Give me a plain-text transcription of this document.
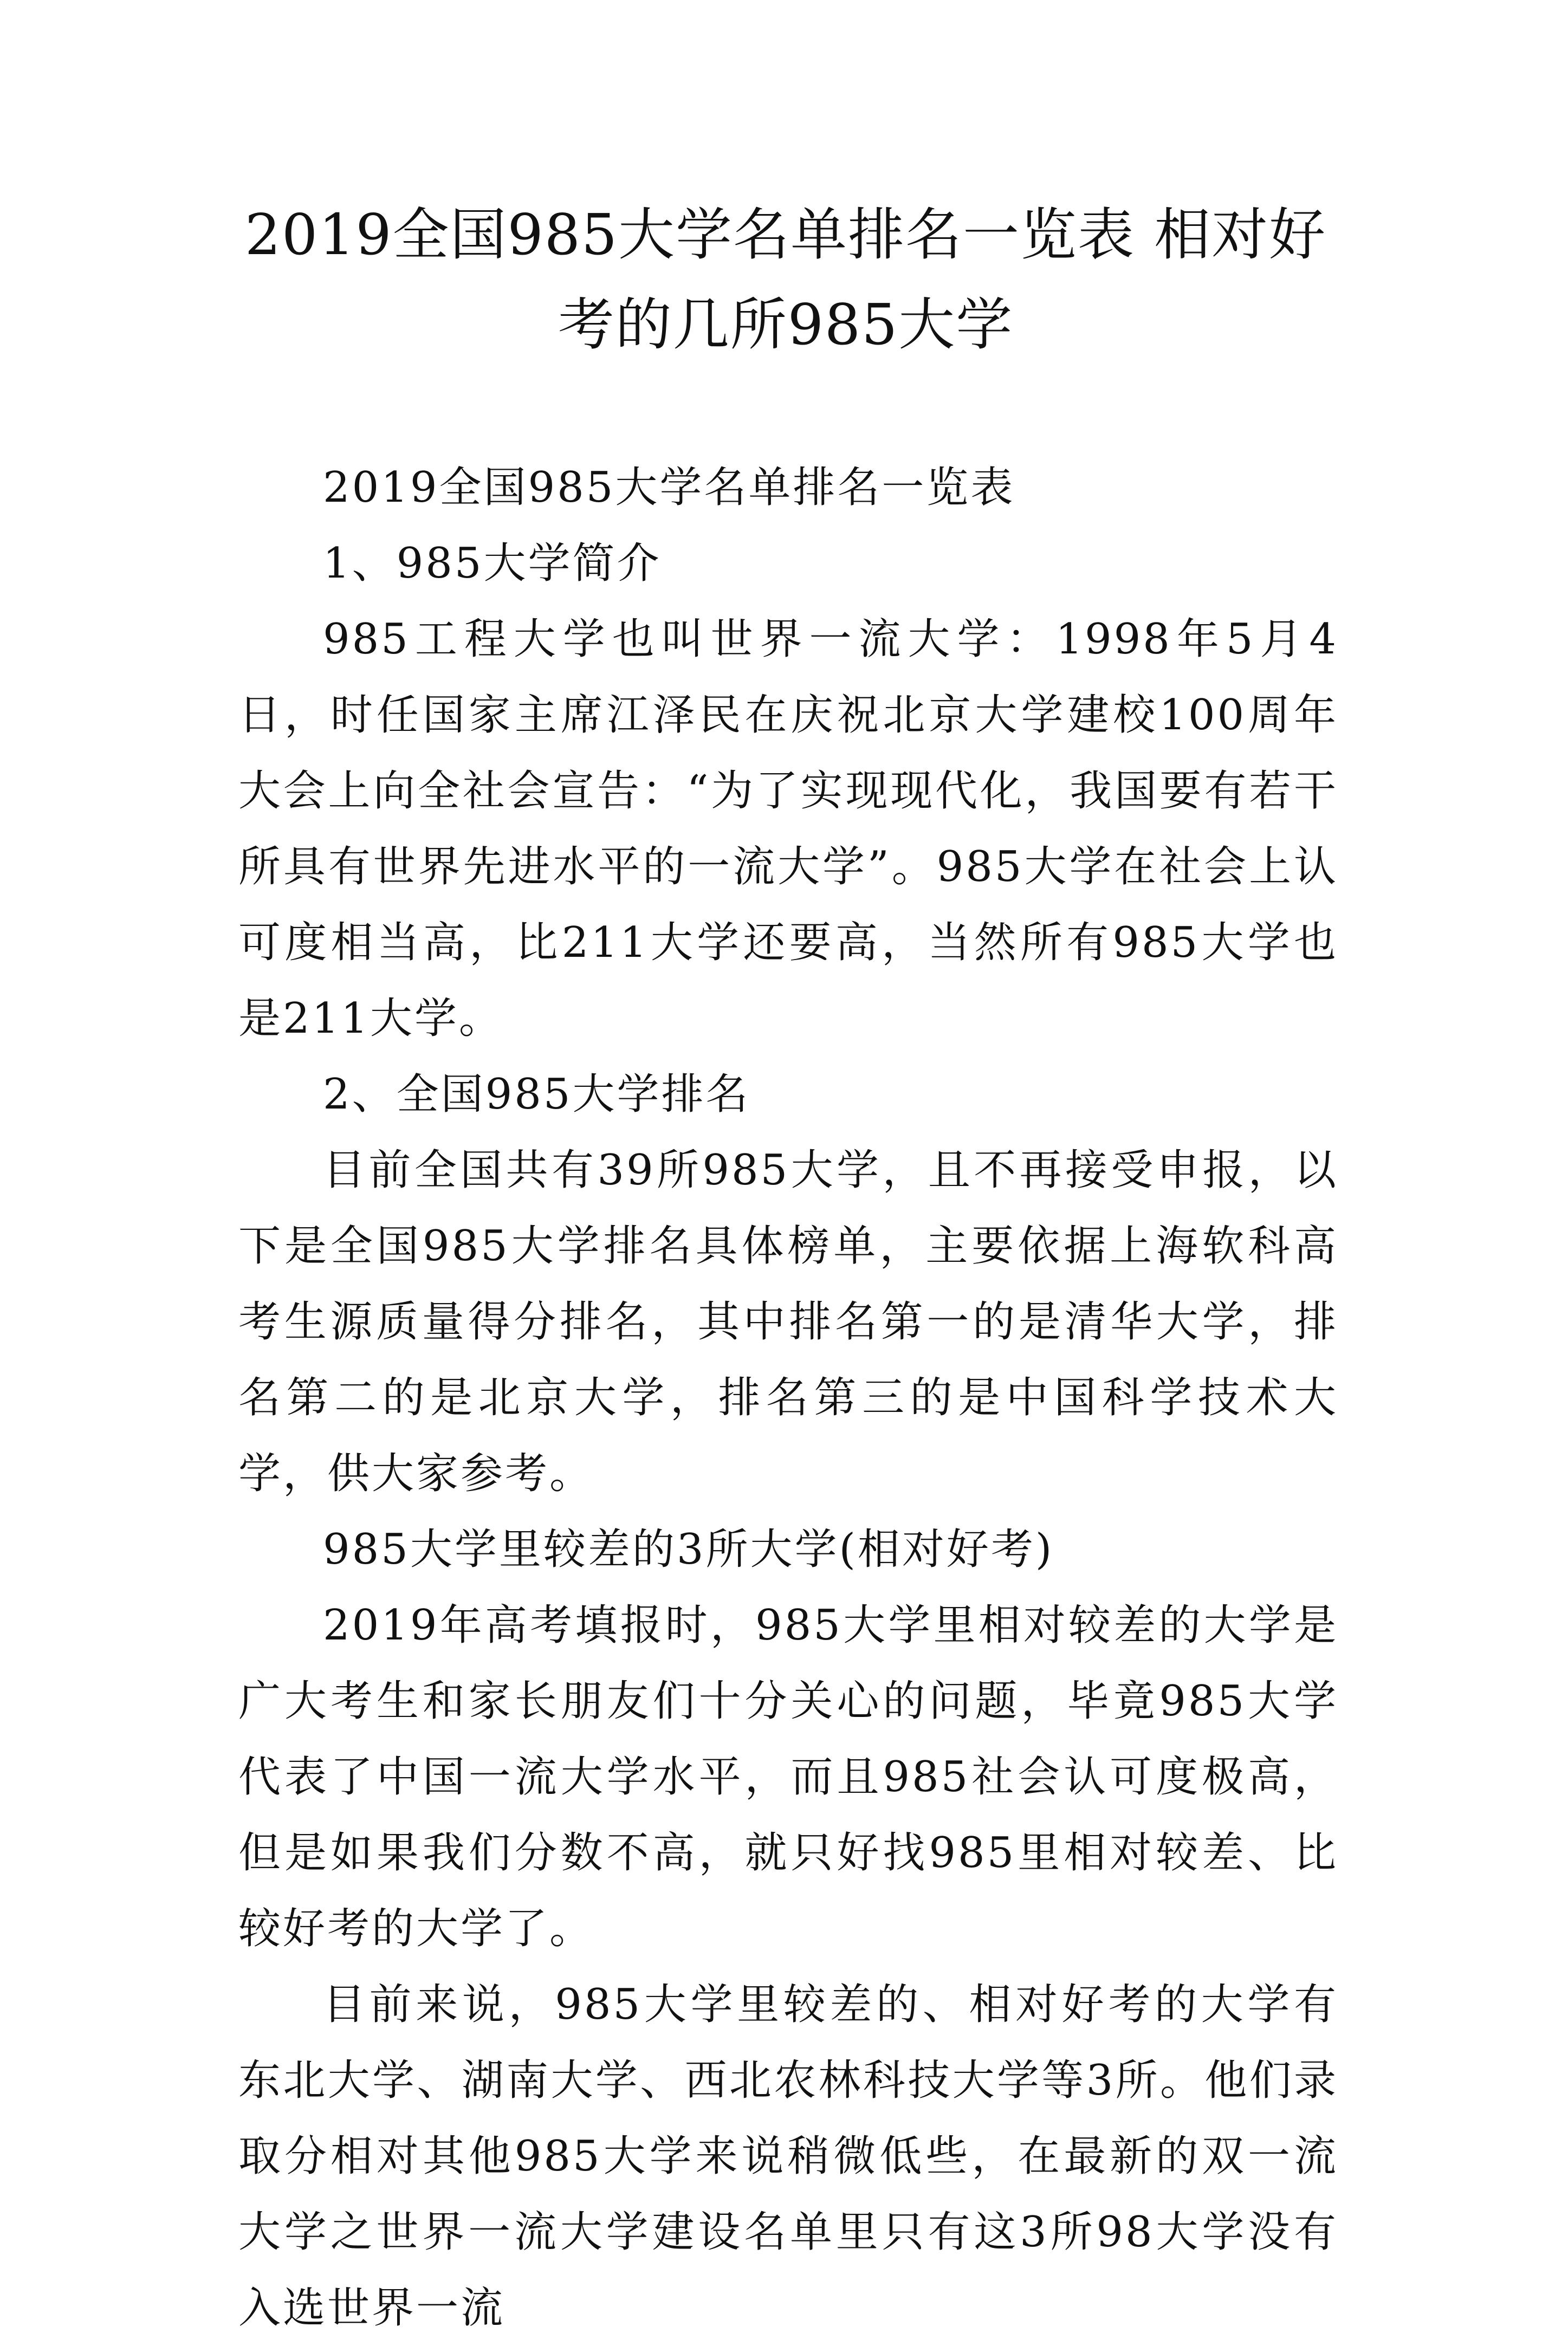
2019全国985大学名单排名一览表 相对好考的几所985大学

2019全国985大学名单排名一览表

1、985大学简介

985工程大学也叫世界一流大学：1998年5月4日，时任国家主席江泽民在庆祝北京大学建校100周年大会上向全社会宣告：“为了实现现代化，我国要有若干所具有世界先进水平的一流大学”。985大学在社会上认可度相当高，比211大学还要高，当然所有985大学也是211大学。

2、全国985大学排名

目前全国共有39所985大学，且不再接受申报，以下是全国985大学排名具体榜单，主要依据上海软科高考生源质量得分排名，其中排名第一的是清华大学，排名第二的是北京大学，排名第三的是中国科学技术大学，供大家参考。

985大学里较差的3所大学(相对好考)

2019年高考填报时，985大学里相对较差的大学是广大考生和家长朋友们十分关心的问题，毕竟985大学代表了中国一流大学水平，而且985社会认可度极高，但是如果我们分数不高，就只好找985里相对较差、比较好考的大学了。

目前来说，985大学里较差的、相对好考的大学有东北大学、湖南大学、西北农林科技大学等3所。他们录取分相对其他985大学来说稍微低些，在最新的双一流大学之世界一流大学建设名单里只有这3所98大学没有入选世界一流
